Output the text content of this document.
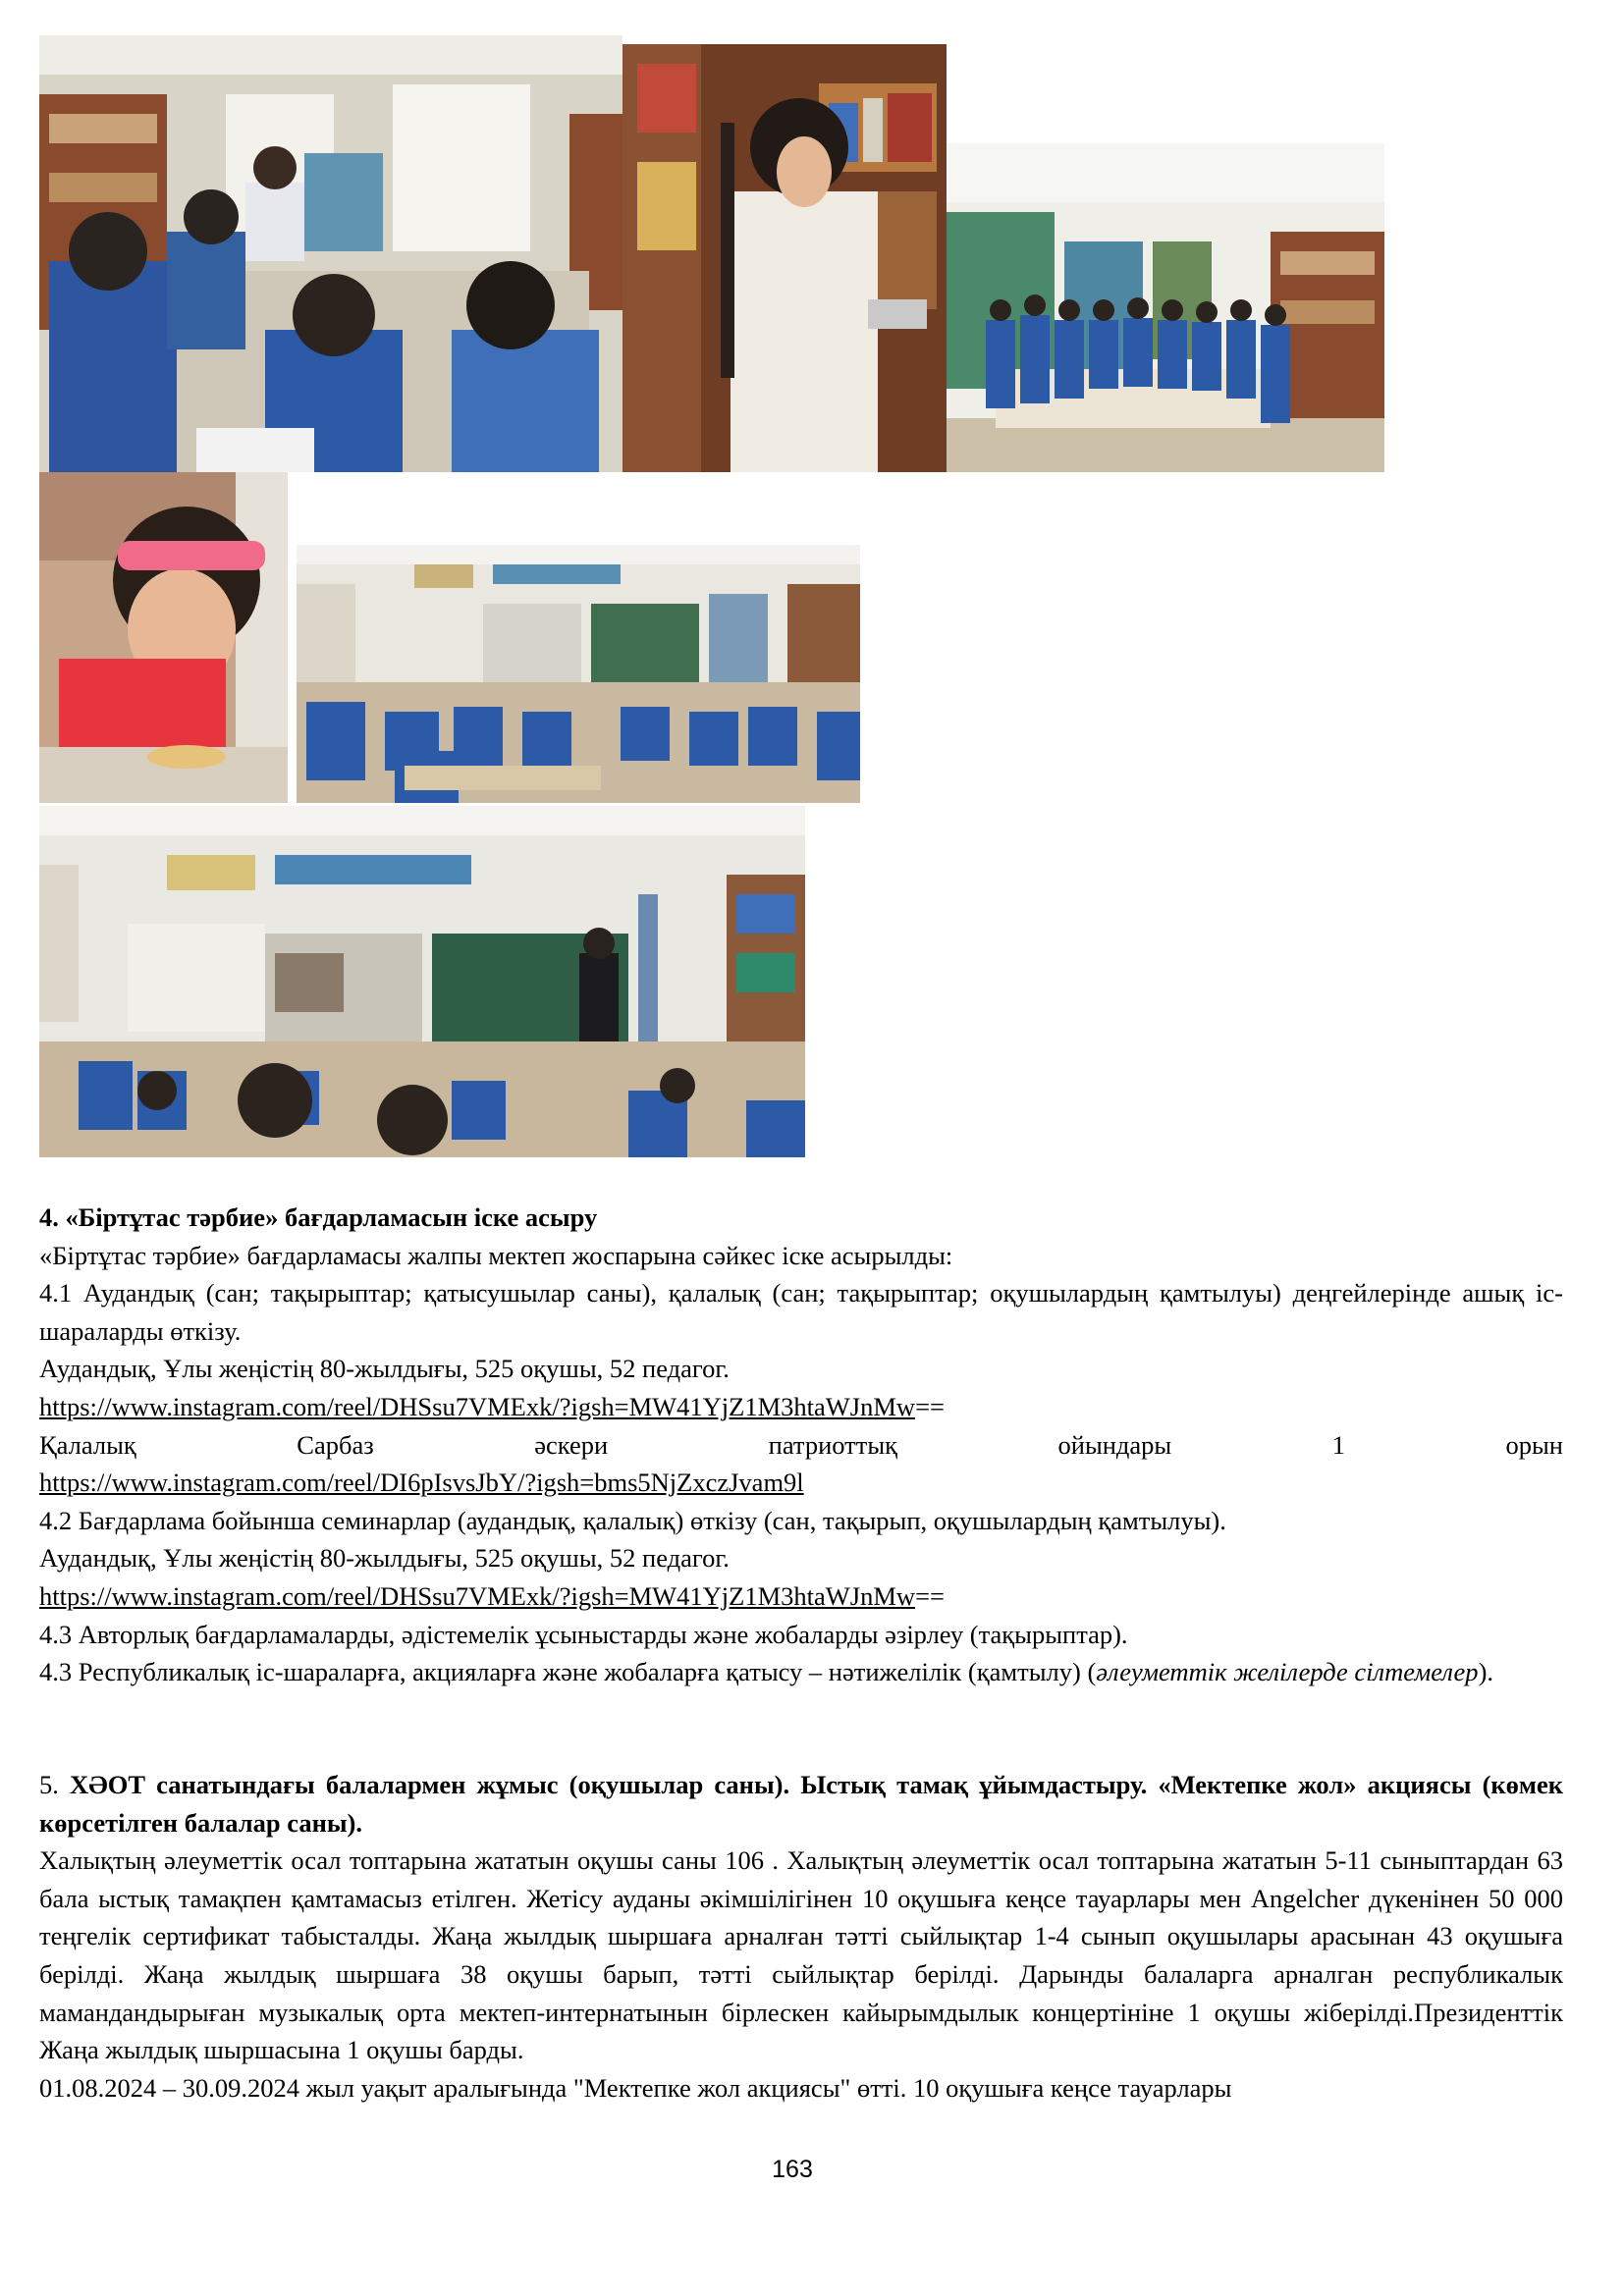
4. «Біртұтас тәрбие» бағдарламасын іске асыру

«Біртұтас тәрбие» бағдарламасы жалпы мектеп жоспарына сәйкес іске асырылды:

4.1 Аудандық (сан; тақырыптар; қатысушылар саны), қалалық (сан; тақырыптар; оқушылардың қамтылуы) деңгейлерінде ашық іс-шараларды өткізу.

Аудандық, Ұлы жеңістің 80-жылдығы, 525 оқушы, 52 педагог.

https://www.instagram.com/reel/DHSsu7VMExk/?igsh=MW41YjZ1M3htaWJnMw==

Қалалық Сарбаз әскери патриоттық ойындары 1 орын

https://www.instagram.com/reel/DI6pIsvsJbY/?igsh=bms5NjZxczJvam9l

4.2 Бағдарлама бойынша семинарлар (аудандық, қалалық) өткізу (сан, тақырып, оқушылардың қамтылуы).

Аудандық, Ұлы жеңістің 80-жылдығы, 525 оқушы, 52 педагог.

https://www.instagram.com/reel/DHSsu7VMExk/?igsh=MW41YjZ1M3htaWJnMw==

4.3 Авторлық бағдарламаларды, әдістемелік ұсыныстарды және жобаларды әзірлеу (тақырыптар).

4.3 Республикалық іс-шараларға, акцияларға және жобаларға қатысу – нәтижелілік (қамтылу) (әлеуметтік желілерде сілтемелер).

5. ХӘОТ санатындағы балалармен жұмыс (оқушылар саны). Ыстық тамақ ұйымдастыру. «Мектепке жол» акциясы (көмек көрсетілген балалар саны).

Халықтың әлеуметтік осал топтарына жататын оқушы саны 106 . Халықтың әлеуметтік осал топтарына жататын 5-11 сыныптардан 63 бала ыстық тамақпен қамтамасыз етілген. Жетісу ауданы әкімшілігінен 10 оқушыға кеңсе тауарлары мен Angelcher дүкенінен 50 000 теңгелік сертификат табысталды. Жаңа жылдық шыршаға арналған тәтті сыйлықтар 1-4 сынып оқушылары арасынан 43 оқушыға берілді. Жаңа жылдық шыршаға 38 оқушы барып, тәтті сыйлықтар берілді. Дарынды балаларга арналган республикалык мамандандырыған музыкалық орта мектеп-интернатынын бірлескен кайырымдылык концертініне 1 оқушы жіберілді.Президенттік Жаңа жылдық шыршасына 1 оқушы барды.

01.08.2024 – 30.09.2024 жыл уақыт аралығында "Мектепке жол акциясы" өтті. 10 оқушыға кеңсе тауарлары

163
